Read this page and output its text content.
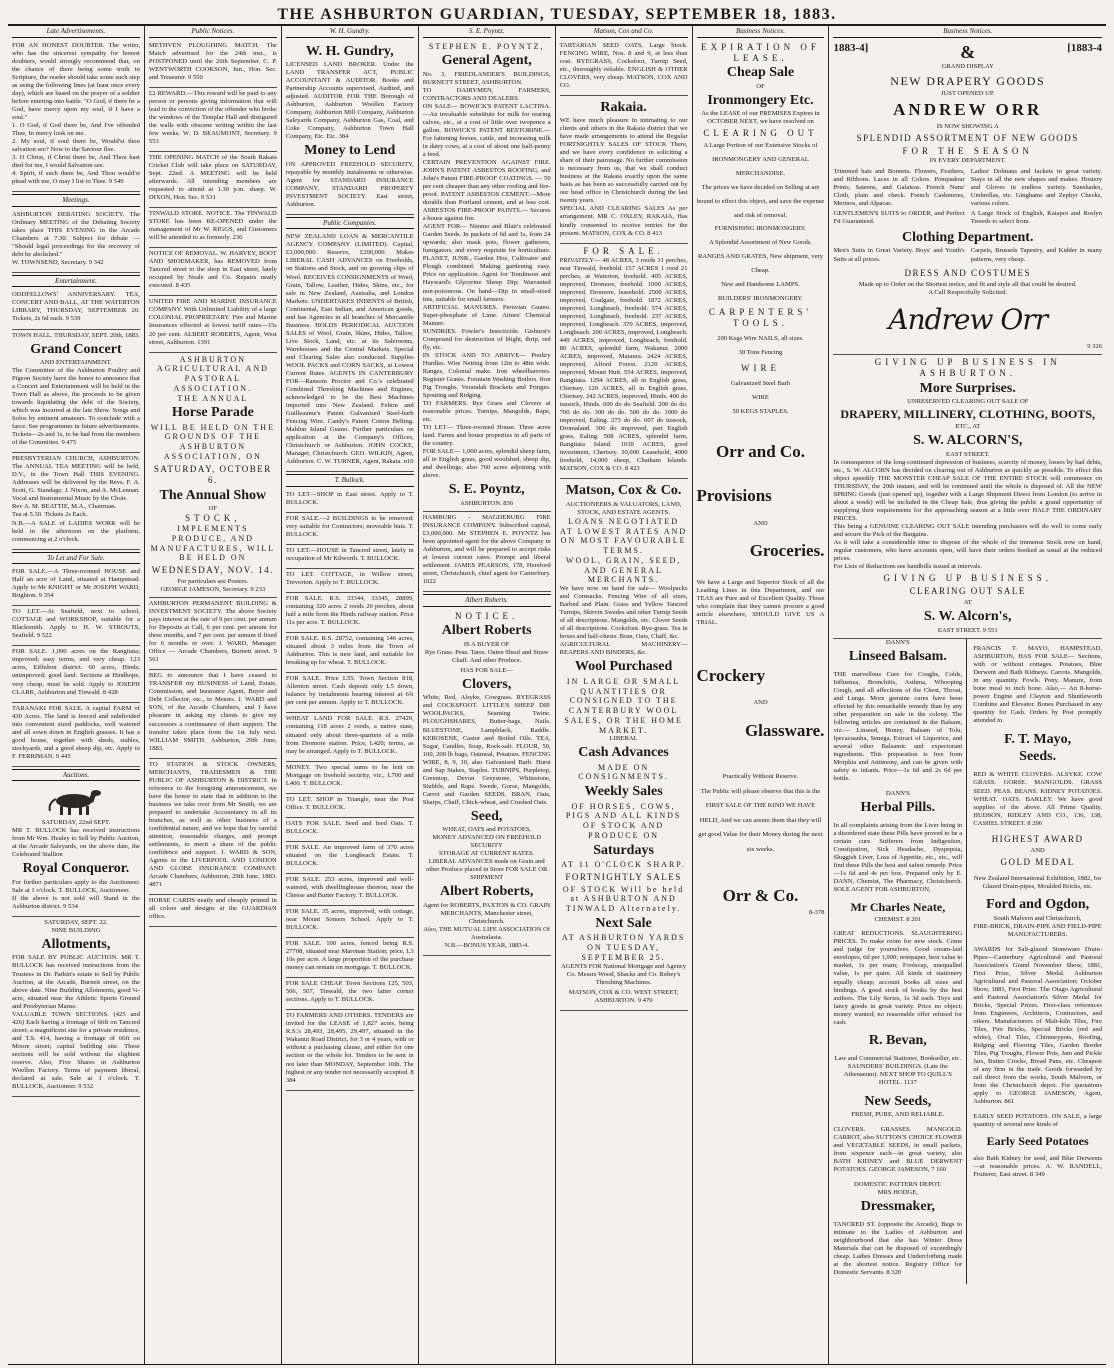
THE ASHBURTON GUARDIAN, TUESDAY, SEPTEMBER 18, 1883.
Late Advertisements.

FOR AN HONEST DOUBTER. The writer, who has the sincerest sympathy for honest doubters, would strongly recommend that, on the chance of there being some truth in Scripture, the reader should take some such step as using the following lines (at least once every day), which are based on the prayer of a soldier before entering into battle. "O God, if there be a God, have mercy upon my soul, if I have a soul."
1. O God, if God there be, And I've offended Thee, In mercy look on me.
2. My soul, if soul there be, Would'st thou salvation see? Now to the Saviour flee.
3. O Christ, if Christ there be, And Thou hast died for me, I would Salvation see.
4. Spirit, if such there be, And Thou would'st plead with me, O may I list to Thee. 9 549

Meetings.

ASHBURTON DEBATING SOCIETY. The Ordinary MEETING of the Debating Society takes place THIS EVENING in the Arcade Chambers at 7.30. Subject for debate — "Should legal proceedings for the recovery of debt be abolished."
W. TOWNSEND, Secretary. 9 342

Entertainment.

ODDFELLOWS' ANNIVERSARY. TEA, CONCERT AND BALL, AT THE WATERTON LIBRARY, THURSDAY, SEPTEMBER 20. Tickets, 2s 6d each. 9 539

TOWN HALL. THURSDAY, SEPT. 20th, 1883.

Grand Concert
AND ENTERTAINMENT.

The Committee of the Ashburton Poultry and Pigeon Society have the honor to announce that a Concert and Entertainment will be held in the Town Hall as above, the proceeds to be given towards liquidating the debt of the Society, which was incurred at the late Show. Songs and Solos by eminent amateurs. To conclude with a farce. See programmes in future advertisements. Tickets—2s and 1s, to be had from the members of the Committee. 9 475

PRESBYTERIAN CHURCH, ASHBURTON. The ANNUAL TEA MEETING will be held, D.V., in the Town Hall THIS EVENING. Addresses will be delivered by the Revs. F. A. Scott, G. Standage, J. Nixon, and A. McLennan. Vocal and Instrumental Music by the Choir.
Rev A. M. BEATTIE, M.A., Chairman.
Tea at 5.30. Tickets 2s Each.
N.B.—A SALE of LADIES WORK will be held in the afternoon on the platform, commencing at 2 o'clock.

To Let and For Sale.

FOR SALE.—A Three-roomed HOUSE and Half an acre of Land, situated at Hampstead. Apply to Mr KNIGHT or Mr JOSEPH WARD, Brighton. 9 354

TO LET.—At Seafield, next to school, COTTAGE and WORKSHOP, suitable for a Blacksmith. Apply to H. W. STROUTS, Seafield. 9 522

FOR SALE. 1,090 acres on the Rangitata; improved; easy terms, and very cheap. 123 acres, Eiffelton district. 60 acres, Hinds; unimproved; good land. Sections at Hindhope, very cheap, must be sold. Apply to JOSEPH CLARK, Ashburton and Tinwald. 8 428

TARANAKI FOR SALE. A capital FARM of 430 Acres. The land is fenced and subdivided into convenient sized paddocks, well watered and all sown down in English grasses. It has a good house, together with sheds, stables, stockyards, and a good sheep dip, etc. Apply to F. FERRIMAN. 9 445

Auctions.
SATURDAY, 22nd SEPT.

MR T. BULLOCK has received instructions from Mr Wm. Healey to Sell by Public Auction, at the Arcade Saleyards, on the above date, the Celebrated Stallion

Royal Conqueror.

For further particulars apply to the Auctioneer. Sale at 1 o'clock. T. BULLOCK, Auctioneer.
If the above is not sold will Stand in the Ashburton district. 9 534

SATURDAY, SEPT. 22.
NINE BUILDING
Allotments,

FOR SALE BY PUBLIC AUCTION. MR T. BULLOCK has received instructions from the Trustees in Dr. Parkin's estate to Sell by Public Auction, at the Arcade, Burnett street, on the above date. Nine Building Allotments, good ¼-acre, situated near the Athletic Sports Ground and Presbyterian Manse.
VALUABLE TOWN SECTIONS. (425 and 426) Each having a frontage of 66ft on Tancred street; a magnificent site for a private residence, and T.S. 414, having a frontage of 66ft on Moore street; capital building site. These sections will be sold without the slightest reserve. Also, Five Shares in Ashburton Woollen Factory. Terms of payment liberal, declared at sale. Sale at 1 o'clock. T. BULLOCK, Auctioneer. 9 532

Public Notices.

METHVEN PLOUGHING MATCH. The Match advertised for the 24th inst., is POSTPONED until the 26th September. C. P. WENTWORTH COOKSON, Jun., Hon. Sec. and Treasurer. 9 550

£2 REWARD.—This reward will be paid to any person or persons giving information that will lead to the conviction of the offender who broke the windows of the Templar Hall and distigured the walls with obscene writing within the last few weeks. W. D. BEAUMONT, Secretary. 9 553

THE OPENING MATCH of the South Rakaia Cricket Club will take place on SATURDAY, Sept. 22nd. A MEETING will be held afterwards. All intending members are requested to attend at 1.30 p.m. sharp. W. DIXON, Hon. Sec. 9 531

TINWALD STORE. NOTICE. The TINWALD STORE has been RE-OPENED under the management of Mr W. RIGGS, and Customers will be attended to as formerly. 236

NOTICE OF REMOVAL. W. HARVEY, BOOT AND SHOEMAKER, has REMOVED from Tancred street to the shop in East street, lately occupied by Neale and Co. Repairs neatly executed. 8 435

UNITED FIRE AND MARINE INSURANCE COMPANY. With Unlimited Liability of a large COLONIAL PROPRIETARY. Fire and Marine Insurances effected at lowest tariff rates—15s 20 per cent. ALBERT ROBERTS, Agent, West street, Ashburton. 1391

ASHBURTON AGRICULTURAL AND PASTORAL ASSOCIATION.
THE ANNUAL
Horse Parade
WILL BE HELD ON THE GROUNDS OF THE ASHBURTON ASSOCIATION, ON
SATURDAY, OCTOBER 6.
The Annual Show
OF
STOCK,
IMPLEMENTS PRODUCE, AND MANUFACTURES, WILL BE HELD ON
WEDNESDAY, NOV. 14.
For particulars see Posters.
GEORGE JAMESON, Secretary. 9 233

ASHBURTON PERMANENT BUILDING & INVESTMENT SOCIETY. The above Society pays interest at the rate of 9 per cent. per annum for Deposits at Call, 6 per cent. per annum for three months, and 7 per cent. per annum if fixed for 6 months or over. J. WARD, Manager. Office — Arcade Chambers, Burnett street. 9 561

BEG to announce that I have ceased to TRANSFER my BUSINESS of Land, Estate, Commission, and Insurance Agent, Buyer and Debt Collector, etc., to Messrs. J. WARD and SON, of the Arcade Chambers, and I have pleasure in asking my clients to give my successors a continuance of their support. The transfer takes place from the 1st July next. WILLIAM SMITH. Ashburton, 29th June, 1883.

TO STATION & STOCK OWNERS, MERCHANTS, TRADESMEN & THE PUBLIC OF ASHBURTON & DISTRICT. In reference to the foregoing announcement, we have the honor to state that in addition to the business we take over from Mr Smith, we are prepared to undertake Accountancy in all its branches, as well as other business of a confidential nature, and we hope that by careful attention, reasonable charges, and prompt settlements, to merit a share of the public confidence and support. J. WARD & SON, Agents to the LIVERPOOL AND LONDON AND GLOBE INSURANCE COMPANY. Arcade Chambers, Ashburton, 29th June, 1883. 4871

HORSE CARDS neatly and cheaply printed in all colors and designs at the GUARDIAN office.

W. H. Gundry.
W. H. Gundry,

LICENSED LAND BROKER. Under the LAND TRANSFER ACT, PUBLIC ACCOUNTANT & AUDITOR. Books and Partnership Accounts supervised, Audited, and adjusted. AUDITOR FOR THE Borough of Ashburton, Ashburton Woollen Factory Company, Ashburton Mill Company, Ashburton Saleyards Company, Ashburton Gas, Coal, and Coke Company, Ashburton Town Hall Company, Etc. Etc. 384

Money to Lend

ON APPROVED FREEHOLD SECURITY, repayable by monthly instalments or otherwise. Agent for STANDARD INSURANCE COMPANY, STANDARD PROPERTY INVESTMENT SOCIETY. East street, Ashburton.

Public Companies.

NEW ZEALAND LOAN & MERCANTILE AGENCY COMPANY (LIMITED). Capital, £3,000,000. Reserve, £200,000. Makes LIBERAL CASH ADVANCES on Freeholds, on Stations and Stock, and on growing clips of Wool. RECEIVES CONSIGNMENTS of Wool, Grain, Tallow, Leather, Hides, Skins, etc., for sale in New Zealand, Australia, and London Markets. UNDERTAKES INDENTS of British, Continental, East Indian, and American goods, and has Agencies in all branches of Mercantile Business. HOLDS PERIODICAL AUCTION SALES of Wool, Grain, Skins, Hides, Tallow, Live Stock, Land, etc. at its Salerooms, Warehouses and the Central Markets. Special and Clearing Sales also conducted. Supplies WOOL PACKS and CORN SACKS, at Lowest Current Rates. AGENTS IN CANTERBURY FOR—Ransom Proctor and Co.'s celebrated Combined Threshing Machines and Engines, acknowledged to be the Best Machines imported into New Zealand. Felton and Guilleaume's Patent Galvanised Steel-barb Fencing Wire. Candy's Patent Cotton Belting. Maldon Island Guano. Further particulars on application at the Company's Offices, Christchurch or Ashburton. JOHN COCKE, Manager, Christchurch. GEO. WILKIN, Agent, Ashburton. C. W. TURNER, Agent, Rakaia. n10

T. Bullock.

TO LET—SHOP in East street. Apply to T. BULLOCK.

FOR SALE.—2 BUILDINGS to be removed; very suitable for Contractors; moveable huts. T. BULLOCK.

TO LET.—HOUSE in Tancred street, lately in occupation of Mr Kilworth. T. BULLOCK.

TO LET. COTTAGE, in Willow street, Trevorton. Apply to T. BULLOCK.

FOR SALE. R.S. 33344, 33345, 28899, containing 320 acres 2 roods 20 perches, about half a mile from the Hinds railway station. Price 11s per acre. T. BULLOCK.

FOR SALE. R.S. 28752, containing 146 acres, situated about 3 miles from the Town of Ashburton. This is new land, and suitable for breaking up for wheat. T. BULLOCK.

FOR SALE. Price L55. Town Section 818, Allenton street. Cash deposit only L5 down, balance by instalments bearing interest at 6¾ per cent per annum. Apply to T. BULLOCK.

WHEAT LAND FOR SALE. R.S. 27429, containing 118 acres 2 roods, a native state, situated only about three-quarters of a mile from Dromore station. Price, L420; terms, as may be arranged. Apply to T. BULLOCK.

MONEY. Two special sums to be lent on Mortgage on freehold security, viz., L700 and L400. T. BULLOCK.

TO LET. SHOP in Triangle, near the Post Office. T. BULLOCK.

OATS FOR SALE. Seed and feed Oats. T. BULLOCK.

FOR SALE. An improved farm of 370 acres situated on the Longbeach Estate. T. BULLOCK.

FOR SALE. 253 acres, improved and well-watered, with dwellinghouse thereon, near the Cheese and Butter Factory. T. BULLOCK.

FOR SALE. 35 acres, improved, with cottage, near Mount Somers School. Apply to T. BULLOCK.

FOR SALE. 100 acres, fenced being R.S. 27708, situated near Maronan Station; price, L3 10s per acre. A large proportion of the purchase money can remain on mortgage. T. BULLOCK.

FOR SALE CHEAP. Town Sections 125, 503, 506, 507, Tinwald, the two latter corner sections. Apply to T. BULLOCK.

TO FARMERS AND OTHERS. TENDERS are invited for the LEASE of 1,827 acres, being R.S.'s 28,493, 28,495, 29,497, situated in the Wakanui Road District, for 3 or 4 years, with or without a pur.hasing clause, and either for one section or the whole lot. Tenders to be sent in not later than MONDAY, September 10th. The highest or any tender not necessarily accepted. 8 384

S. E. Poyntz.
STEPHEN E. POYNTZ,
General Agent,

No. 3, FRIEDLANDER'S BUILDINGS, BURNETT STREET, ASHBURTON.
TO DAIRYMEN, FARMERS, CONTRACTORS AND DEALERS.
ON SALE— BOWICK'S PATENT LACTINA.—An invaluable substitute for milk for rearing calves, etc., at a cost of little over twopence a gallon. BOWICK'S PATENT RESTORINE.— For fattening horses, cattle, and increasing milk in dairy cows, at a cost of about one half-penny a feed.
CERTAIN PREVENTION AGAINST FIRE. JOHN'S PATENT ASBESTOS ROOFING, and John's Patent FIRE-PROOF COATINGS. — 50 per cent cheaper than any other roofing and fire-proof. PATENT ASBESTOS CEMENT.—More durable than Portland cement, and at less cost. ASBESTOS FIRE-PROOF PAINTS.— Secures a house against fire.
AGENT FOR— Nimmo and Blair's celebrated Garden Seeds. In packets of 6d and 1s, from 24 upwards; also mask pots, flower gatherers, fumigators, and every requisite for horticulture. PLANET, JUNR., Garden Hoe, Cultivator and Plough combined. Making gardening easy. Price on application. Agent for Tomlinson and Hayward's Glycerine Sheep Dip; Warranted non-poisonous. On hand—Dip in small-sized tins, suitable for small farmers.
ARTIFICIAL MANURES. Peruvian Guano. Super-phosphate of Lime. Aimes' Chemical Manure.
SUNDRIES. Fowler's Insecticide. Gishurst's Compound for destruction of blight, thrip, red fly, etc.
IN STOCK AND TO ARRIVE— Poultry Hurdles. Wire Netting from 12in to 48in wide. Ranges, Colonial make. Iron wheelbarrows. Register Grates. Fountain Washing Boilers. Iron Pig Troughs. Verandah Brackets and Fringes. Spouting and Ridging.
TO FARMERS. Rye Grass and Clovers at reasonable prices. Turnips, Mangolds, Rape, etc.
TO LET— Three-roomed House. Three acres land. Farms and house properties in all parts of the country.
FOR SALE— 1,000 acres, splendid sheep farm, all in English grass, good woolshed, sheep dip, and dwellings; also 760 acres adjoining with above.

S. E. Poyntz,
ASHBURTON. 836

HAMBURG - MAGDEBURG FIRE INSURANCE COMPANY. Subscribed capital, £3,000,000. Mr STEPHEN E. POYNTZ has been appointed agent for the above Company in Ashburton, and will be prepared to accept risks at lowest current rates. Prompt and liberal settlement. JAMES PEARSON, 178, Hereford street, Christchurch, chief agent for Canterbury. 1022

Albert Roberts.
NOTICE.
Albert Roberts
IS A BUYER OF

Rye Grass. Peas. Tares. Oaten Sheaf and Straw Chaff. And other Produce.

HAS FOR SALE—
Clovers,

White, Red, Alsyke, Cowgrass. RYEGRASS and COCKSFOOT. LITTLE'S SHEEP DIP. WOOLPACKS, Seaming Twine. PLOUGHSHARES, Butter-bags, Nails. BLUESTONE, Lampblack, Raddle. KEROSENE, Castor and Boiled Oils. TEA, Sugar, Candles, Soap, Rock-salt. FLOUR, 50, 100, 200 lb bags, Oatmeal, Potatoes. FENCING WIRE, 8, 9, 10, also Galvanised Barb. Hurst and Sap Stakes, Staples. TURNIPS, Purpletop, Greentop, Devon Greystone, Whitestone, Stubble, and Rape. Swede, Gorse, Mangolds, Carrot and Garden SEEDS. BRAN, Oats, Sharps, Chaff, Chick-wheat, and Crushed Oats.

Seed,
WHEAT, OATS and POTATOES.

MONEY ADVANCED ON FREEHOLD SECURITY
STORAGE AT CURRENT RATES.
LIBERAL ADVANCES made on Grain and other Produce placed in Store FOR SALE OR SHIPMENT

Albert Roberts,

Agent for ROBERTS, PAXTON & CO. GRAIN MERCHANTS, Manchester street, Christchurch.
Also, THE MUTUAL LIFE ASSOCIATION Of Australasia.
N.B.—BONUS YEAR, 1883-4.

Matson, Cox and Co.

TARTARIAN SEED OATS. Large Stock. FENCING WIRE, Nos. 8 and 9, at less than cost. RYEGRASS, Cocksfoot, Turnip Seed, etc., thoroughly reliable. ENGLISH & OTHER CLOVERS, very cheap. MATSON, COX AND CO.

Rakaia.

WE have much pleasure in intimating to our clients and others in the Rakaia district that we have made arrangements to attend the Regular FORTNIGHTLY SALES OF STOCK There, and we have every confidence in soliciting a share of their patronage. No further commission is necessary from us, that we shall conduct business at the Rakaia exactly upon the same basis as has been so successfully carried out by our head office in Christchurch during the last twenty years.
SPECIAL AND CLEARING SALES As per arrangement. MR C. OXLEY, RAKAIA, Has kindly consented to receive entries for the present. MATSON, COX & CO. 8 413

FOR SALE.

PRIVATELY— 48 ACRES, 3 roods 31 perches, near Tinwald, freehold. 157 ACRES 1 rood 21 perches, at Waterton, freehold. 405 ACRES, improved, Dromore, freehold. 1000 ACRES, improved, Dromore, leasehold. 2500 ACRES, improved, Coalgate, freehold. 1872 ACRES, improved, Longbeach, freehold. 574 ACRES, improved, Longbeach, freehold. 237 ACRES, improved, Longbeach. 370 ACRES, improved, Longbeach. 200 ACRES, improved, Longbeach. 449 ACRES, improved, Longbeach, freehold. 80 ACRES, splendid farm, Wakanui. 2000 ACRES, improved, Mataura. 2424 ACRES, improved, Alford Forest. 2120 ACRES, improved, Mount Hutt. 554 ACRES, improved, Rangitata. 1294 ACRES, all in English grass, Chertsey. 120 ACRES, all in English grass, Chertsey. 242 ACRES, improved, Hinds. 400 do tussock, Hinds. 600 do do Seafield. 200 do do. 700 do do. 300 do do. 500 do do. 1000 do improved, Ealing. 275 do do. 607 do tussock, Dromaland. 306 do improved, part English grass, Ealing. 508 ACRES, splendid farm, Rangitata Island. 1030 ACRES, good investment, Chertsey. 30,000 Leasehold, 4000 freehold, 14,000 sheep, Chatham Islands. MATSON, COX & CO. 8 423

Matson, Cox & Co.
AUCTIONEERS & VALUATORS, LAND, STOCK, AND ESTATE AGENTS.
LOANS NEGOTIATED AT LOWEST RATES AND ON MOST FAVOURABLE TERMS.
WOOL, GRAIN, SEED, AND GENERAL MERCHANTS.

We have now on hand for sale— Woolpacks and Cornsacks. Fencing Wire of all sizes, Barbed and Plain. Grass and Yellow Tancred Turnips, Skirvin Swedes and other Turnip Seeds of all descriptions. Mangolds, etc. Clover Seeds of all descriptions. Cocksfoot. Rye-grass. Tea in boxes and half-chests. Bran, Oats, Chaff, &c.
AGRICULTURAL MACHINERY— REAPERS AND BINDERS, &c.

Wool Purchased
IN LARGE OR SMALL QUANTITIES OR CONSIGNED TO THE CANTERBURY WOOL SALES, OR THE HOME MARKET.
LIBERAL
Cash Advances
MADE ON CONSIGNMENTS.
Weekly Sales
OF HORSES, COWS, PIGS AND ALL KINDS OF STOCK AND PRODUCE ON
Saturdays
AT 11 O'CLOCK SHARP.
FORTNIGHTLY SALES
OF STOCK Will be held at ASHBURTON AND TINWALD Alternately.
Next Sale
AT ASHBURTON YARDS ON TUESDAY, SEPTEMBER 25.

AGENTS FOR National Mortgage and Agency Co. Messrs Wood, Shacks and Co. Robey's Threshing Machines.

MATSON, COX & CO. WEST STREET, ASHBURTON. 9 470

Business Notices.
EXPIRATION OF LEASE.
Cheap Sale
OF
Ironmongery Etc.

As the LEASE of our PREMISES Expires in OCTOBER NEXT, we have resolved on

CLEARING OUT

A Large Portion of our Extensive Stocks of IRONMONGERY AND GENERAL MERCHANDISE.
The prices we have decided on Selling at are bound to effect this object, and save the expense and risk of removal.
FURNISHING IRONMONGERY.
A Splendid Assortment of New Goods.
RANGES AND GRATES, New shipment, very Cheap.
New and Handsome LAMPS.
BUILDERS' IRONMONGERY.

CARPENTERS' TOOLS.
200 Kegs Wire NAILS, all sizes.
30 Tons Fencing
WIRE
Galvanized Steel Barb
WIRE
50 KEGS STAPLES.
Orr and Co.
Provisions
AND
Groceries.

We have a Large and Superior Stock of all the Leading Lines in this Department, and our TEAS are Pure and of Excellent Quality. Those who complain that they cannot procure a good article elsewhere, SHOULD GIVE US A TRIAL.

Crockery
AND
Glassware.

Practically Without Reserve.
The Public will please observe that this is the FIRST SALE OF THE KIND WE HAVE HELD, And we can assure them that they will get good Value for their Money during the next six weeks.

Orr & Co.
8-378
Business Notices.
1883-4]	&	[1883-4
GRAND DISPLAY
NEW DRAPERY GOODS
JUST OPENED UP.
ANDREW ORR
IS NOW SHOWING A
SPLENDID ASSORTMENT OF NEW GOODS
FOR THE SEASON
IN EVERY DEPARTMENT.

Trimmed hats and Bonnets. Flowers, Feathers, and Ribbons. Laces in all Colors. Pompadour Prints, Sateens, and Galateas. French Nuns' Cloth, plain and check. French Cashmeres, Merinos, and Alpacas.

Ladies' Dolmans and Jackets in great variety. Stays in all the new shapes and makes. Hosiery and Gloves in endless variety. Sunshades, Umbrellas, etc. Ginghams and Zephyr Checks, various colors.

GENTLEMEN'S SUITS to ORDER, and Perfect Fit Guaranteed.

A Large Stock of English, Kaiapoi and Roslyn Tweeds to select from.

Clothing Department.

Men's Suits in Great Variety. Boys' and Youth's Suits at all prices.

Carpets, Brussels Tapestry, and Kidder in many patterns, very cheap.

DRESS AND COSTUMES
Made up to Order on the Shortest notice, and fit and style all that could be desired.
A Call Respectfully Solicited.
Andrew Orr
9 326
GIVING UP BUSINESS IN ASHBURTON.
More Surprises.
UNRESERVED CLEARING OUT SALE OF
DRAPERY, MILLINERY, CLOTHING, BOOTS,
ETC., AT
S. W. ALCORN'S,
EAST STREET.

In consequence of the long continued depression of business, scarcity of money, losses by bad debts, etc., S. W. ALCORN has decided on clearing out of Ashburton as quickly as possible. To effect this object speedily THE MONSTER CHEAP SALE OF THE ENTIRE STOCK will commence on THURSDAY, the 20th instant, and will be continued until the whole is disposed of. All the NEW SPRING Goods (just opened up), together with a Large Shipment Direct from London (to arrive in about a week) will be included in the Cheap Sale, thus giving the public a grand opportunity of supplying their requirements for the approaching season at a little over HALF THE ORDINARY PRICES.
This being a GENUINE CLEARING OUT SALE intending purchasers will do well to come early and secure the Pick of the Bargains.
As it will take a considerable time to dispose of the whole of the immense Stock now on hand, regular customers, who have accounts open, will have their orders booked as usual at the reduced prices.
For Lists of Reductions see handbills issued at intervals.

GIVING UP BUSINESS.
CLEARING OUT SALE
AT
S. W. Alcorn's,
EAST STREET. 9 551
DANN'S
Linseed Balsam.

THE marvellous Cure for Coughs, Colds, Influenza, Bronchitis, Asthma, Whooping Cough, and all affections of the Chest, Throat, and Lungs. More genuine cures have been effected by this remarkable remedy than by any other preparation on sale in the colony. The following articles are contained in the Balsam, viz.— Linseed, Honey, Balsam of Tolu, Ipecacuanha, Senega, Extract of Liquorice, and several other Balsamic and expectorant ingredients. This preparation is free from Morphia and Antimony, and can be given with safety to infants. Price—1s 6d and 2s 6d per bottle.

DANN'S
Herbal Pills.

In all complaints arising from the Liver being in a disordered state these Pills have proved to be a certain cure. Sufferers from Indigestion, Constipation, Sick Headache, Dyspepsia, Sluggish Liver, Loss of Appetite, etc., etc., will find these Pills the best and safest remedy. Price—1s 6d and 4s per box. Prepared only by E. DANN, Chemist, The Pharmacy, Christchurch. SOLE AGENT FOR ASHBURTON,

Mr Charles Neate,
CHEMIST. 8 201

GREAT REDUCTIONS. SLAUGHTERING PRICES. To make room for new stock. Come and judge for yourselves. Good cream-laid envelopes, 6d per 1,000; notepaper, best value in market, 1s per ream; Foolscap, unequalled value, 1s per quire. All kinds of stationery equally cheap; account books all sizes and bindings. A good stock of books by the best authors. The Lily Series, 1s 3d each. Toys and fancy goods in great variety. Price no object; money wanted; no reasonable offer refused for cash.

R. Bevan,

Law and Commercial Stationer, Bookseller, etc. SAUNDERS' BUILDINGS. (Late the Athenaeum). NEXT SHOP TO QUILL'S HOTEL. 1137

New Seeds,
FRESH, PURE, AND RELIABLE.

CLOVERS. GRASSES. MANGOLD. CARROT, also SUTTON'S CHOICE FLOWER and VEGETABLE SEEDS, in small packets, from sixpence each—in great variety, also BATH KIDNEY and BLUE DERWENT POTATOES. GEORGE JAMESON, 7 160

DOMESTIC PATTERN DEPOT.
MRS HODGE,
Dressmaker,

TANCRED ST. (opposite the Arcade), Begs to intimate to the Ladies of Ashburton and neighbourhood that she has Winter Dress Materials that can be disposed of exceedingly cheap. Ladies Dresses and Underclothing made at the shortest notice. Registry Office for Domestic Servants. 8 320

FRANCIS T. MAYO, HAMPSTEAD, ASHBURTON, HAS FOR SALE— Sections, with or without cottages. Potatoes, Blue Derwent and Bath Kidneys. Carrots. Mangolds, in any quantity. Fowls. Pony. Manure, from bone meal to inch bone. Also,— An 8-horse-power Engine and Clayton and Shuttleworth Combine and Elevator. Bones Purchased in any quantity for Cash. Orders by Post promptly attended to.

F. T. Mayo,
Seeds.

RED & WHITE CLOVERS. ALSYKE. COW GRASS. GORSE. MANGOLDS. GRASS SEED. PEAS. BEANS. KIDNEY POTATOES. WHEAT. OATS. BARLEY. We have good supplies of the above. All Prime Quality. HUDSON, RIDLEY AND CO., 136, 138, CASHEL STREET. 8 296

HIGHEST AWARD
AND
GOLD MEDAL

New Zealand International Exhibition, 1882, for Glazed Drain-pipes, Moulded Bricks, etc.

Ford and Ogdon,
South Malvern and Christchurch,
FIRE-BRICK, DRAIN-PIPE AND FIELD-PIPE MANUFACTURERS.

AWARDS for Salt-glazed Stoneware Drain-Pipes—Canterbury Agricultural and Pastoral Association's Grand November Show, 1881, First Prize, Silver Medal. Ashburton Agricultural and Pastoral Association; October Show, 1881, First Prize. The Otago Agricultural and Pastoral Association's Silver Medal for Bricks, Special Prizes. First-class references from Engineers, Architects, Contractors, and others. Manufacturers of Malt-kiln Tiles, Fire Tiles, Fire Bricks, Special Bricks (red and white), Oval Tiles, Chimneypots, Roofing, Ridging and Flooring Tiles, Garden Border Tiles, Pig Troughs, Flower Pots, Jam and Pickle Jars, Butter Crocks, Bread Pans, etc. Cheapest of any firm in the trade. Goods forwarded by rail direct from the works, South Malvern, or from the Christchurch depot. For quotations apply to GEORGE JAMESON, Agent, Ashburton. 861

EARLY SEED POTATOES. ON SALE, a large quantity of several new kinds of

Early Seed Potatoes

also Bath Kidney for seed, and Blue Derwents—at reasonable prices. A. W. RANDELL, Fruiterer, East street. 8 349
